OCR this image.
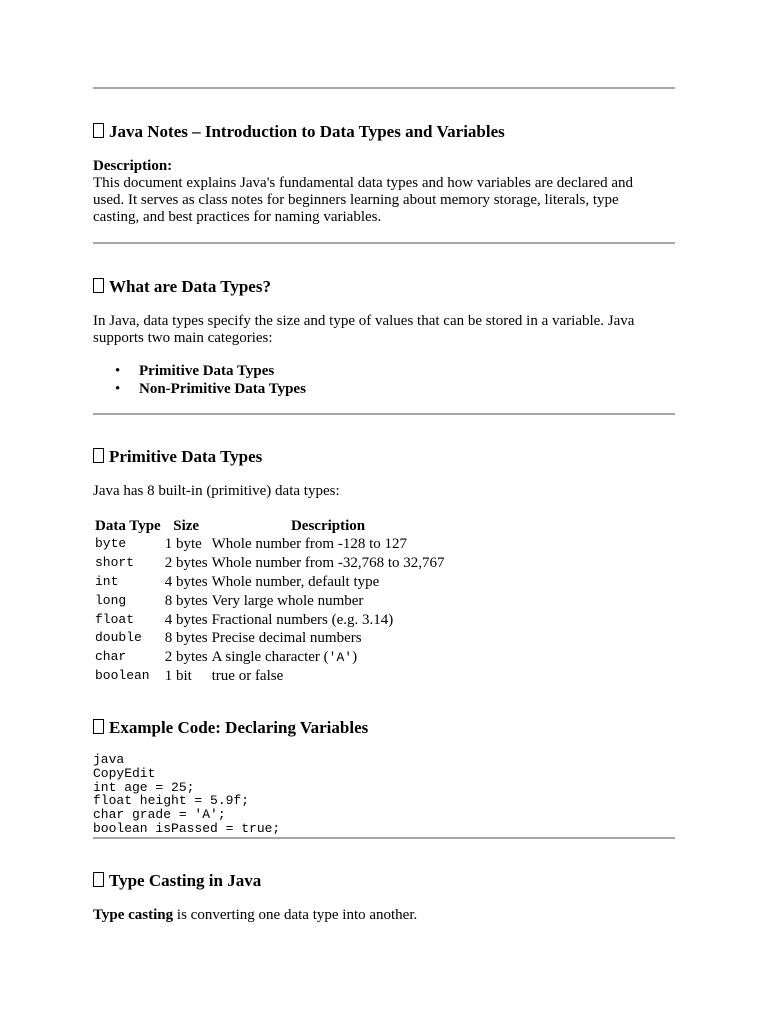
Java Notes – Introduction to Data Types and Variables

Description:
This document explains Java's fundamental data types and how variables are declared and used. It serves as class notes for beginners learning about memory storage, literals, type casting, and best practices for naming variables.

What are Data Types?

In Java, data types specify the size and type of values that can be stored in a variable. Java supports two main categories:

• Primitive Data Types
• Non-Primitive Data Types
Primitive Data Types

Java has 8 built-in (primitive) data types:

Data Type	Size	Description
byte	1 byte	Whole number from -128 to 127
short	2 bytes	Whole number from -32,768 to 32,767
int	4 bytes	Whole number, default type
long	8 bytes	Very large whole number
float	4 bytes	Fractional numbers (e.g. 3.14)
double	8 bytes	Precise decimal numbers
char	2 bytes	A single character ('A')
boolean	1 bit	true or false
Example Code: Declaring Variables
java
CopyEdit
int age = 25;
float height = 5.9f;
char grade = 'A';
boolean isPassed = true;
Type Casting in Java

Type casting is converting one data type into another.
